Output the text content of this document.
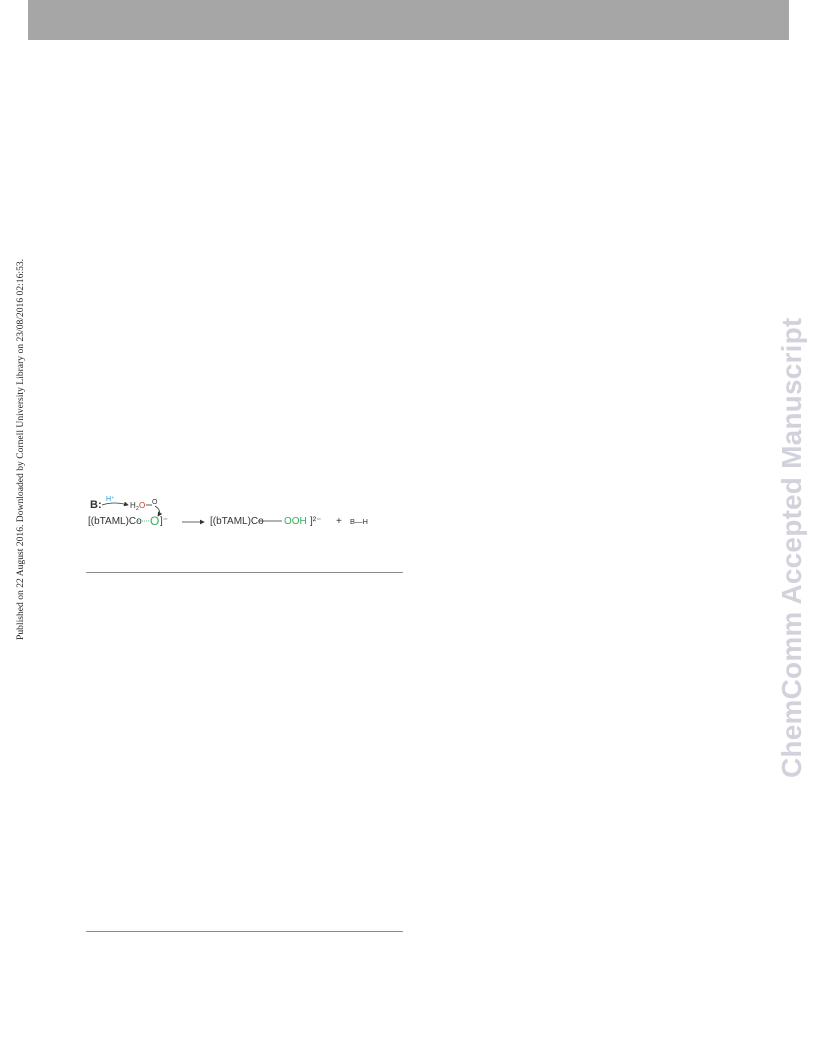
Published on 22 August 2016. Downloaded by Cornell University Library on 23/08/2016 02:16:53.	ChemComm Accepted Manuscript
B: H⁺
H 2 O O
[(bTAML)Co O ]⁻	[(bTAML)Co OOH ]²⁻ + B—H
